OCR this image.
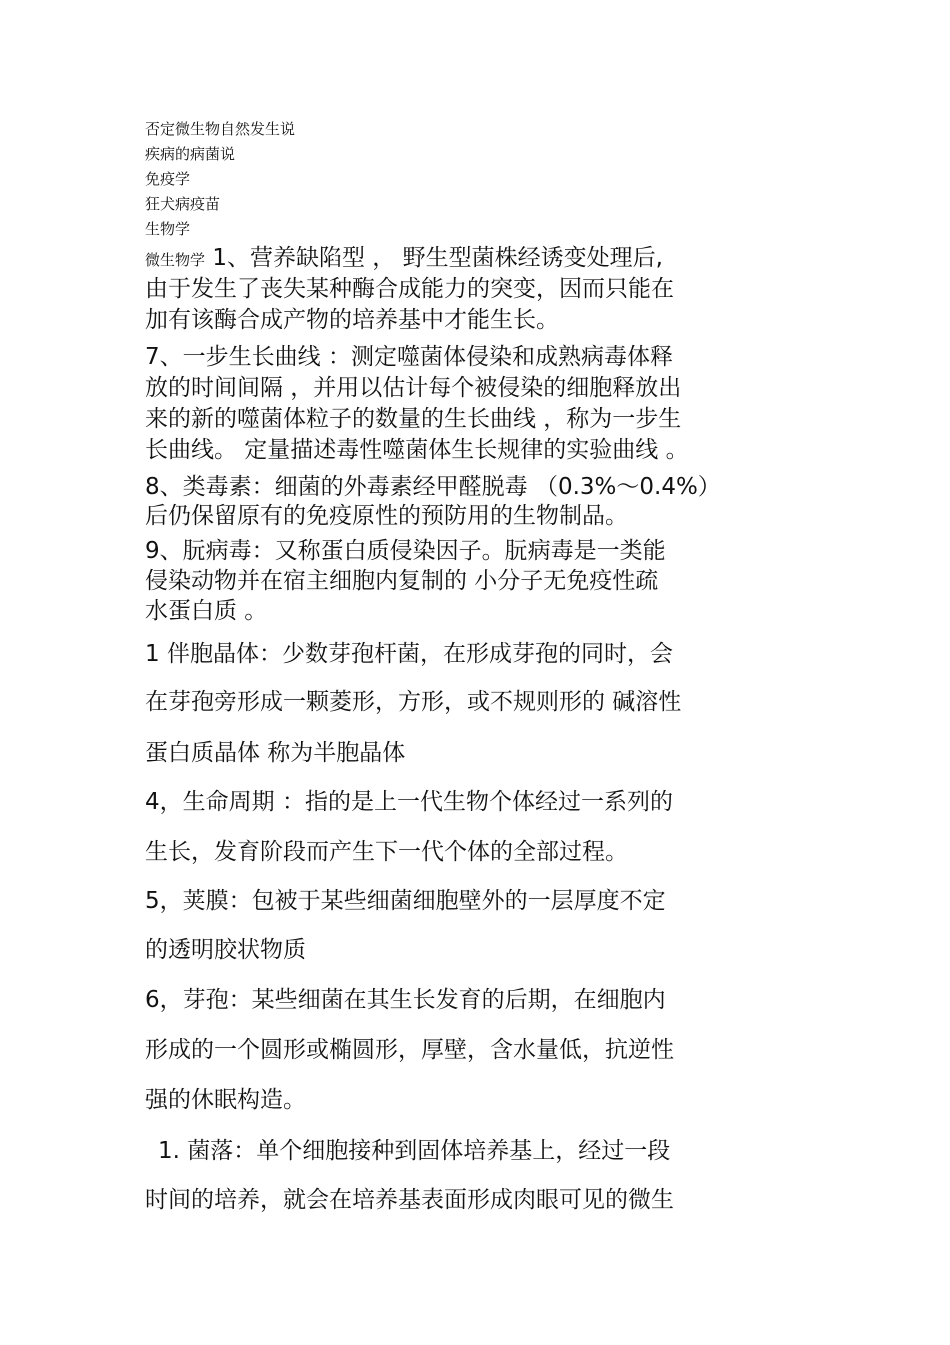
否定微生物自然发生说
疾病的病菌说
免疫学
狂犬病疫苗
生物学
微生物学 1、营养缺陷型 ， 野生型菌株经诱变处理后,
由于发生了丧失某种酶合成能力的突变，因而只能在
加有该酶合成产物的培养基中才能生长。
7、一步生长曲线 ：测定噬菌体侵染和成熟病毒体释
放的时间间隔 ，并用以估计每个被侵染的细胞释放出
来的新的噬菌体粒子的数量的生长曲线 ，称为一步生
长曲线。 定量描述毒性噬菌体生长规律的实验曲线 。
8、类毒素：细菌的外毒素经甲醛脱毒 （0.3%～0.4%）
后仍保留原有的免疫原性的预防用的生物制品。
9、朊病毒：又称蛋白质侵染因子。朊病毒是一类能
侵染动物并在宿主细胞内复制的 小分子无免疫性疏
水蛋白质 。
1 伴胞晶体：少数芽孢杆菌，在形成芽孢的同时，会
在芽孢旁形成一颗菱形，方形，或不规则形的 碱溶性
蛋白质晶体 称为半胞晶体
4，生命周期 ：指的是上一代生物个体经过一系列的
生长，发育阶段而产生下一代个体的全部过程。
5，荚膜：包被于某些细菌细胞壁外的一层厚度不定
的透明胶状物质
6，芽孢：某些细菌在其生长发育的后期，在细胞内
形成的一个圆形或椭圆形，厚壁，含水量低，抗逆性
强的休眠构造。
1. 菌落：单个细胞接种到固体培养基上，经过一段
时间的培养，就会在培养基表面形成肉眼可见的微生
